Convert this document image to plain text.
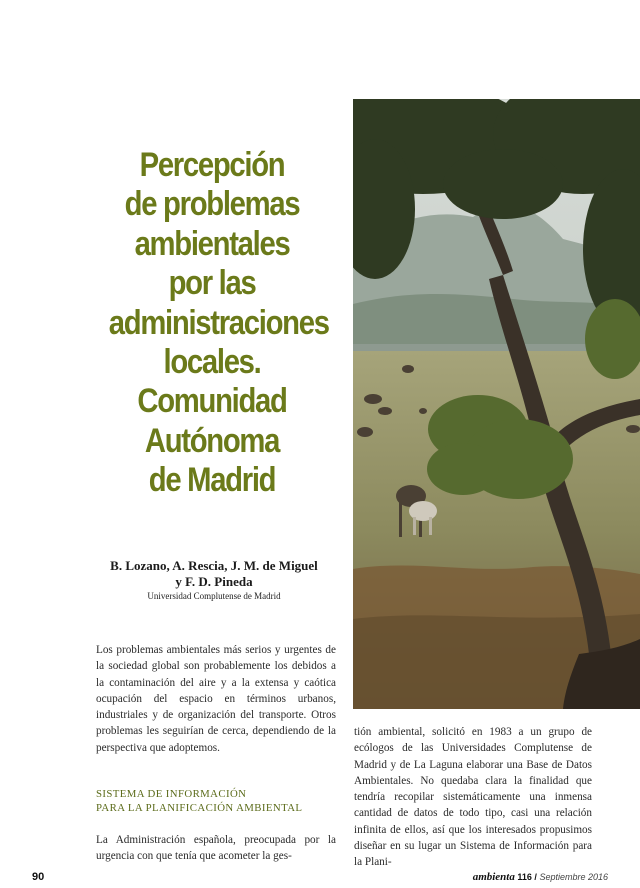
Percepción
de problemas
ambientales
por las
administraciones
locales.
Comunidad
Autónoma
de Madrid
B. Lozano, A. Rescia, J. M. de Miguel
y F. D. Pineda
Universidad Complutense de Madrid

Los problemas ambientales más serios y urgentes de la sociedad global son probablemente los debidos a la contaminación del aire y a la extensa y caótica ocupación del espacio en términos urbanos, industriales y de organización del transporte. Otros problemas les seguirían de cerca, dependiendo de la perspectiva que adoptemos.

SISTEMA DE INFORMACIÓN
PARA LA PLANIFICACIÓN AMBIENTAL
La Administración española, preocupada por la urgencia con que tenía que acometer la ges-
tión ambiental, solicitó en 1983 a un grupo de ecólogos de las Universidades Complutense de Madrid y de La Laguna elaborar una Base de Datos Ambientales. No quedaba clara la finalidad que tendría recopilar sistemáticamente una inmensa cantidad de datos de todo tipo, casi una relación infinita de ellos, así que los interesados propusimos diseñar en su lugar un Sistema de Información para la Plani-
90	ambienta 116 / Septiembre 2016
